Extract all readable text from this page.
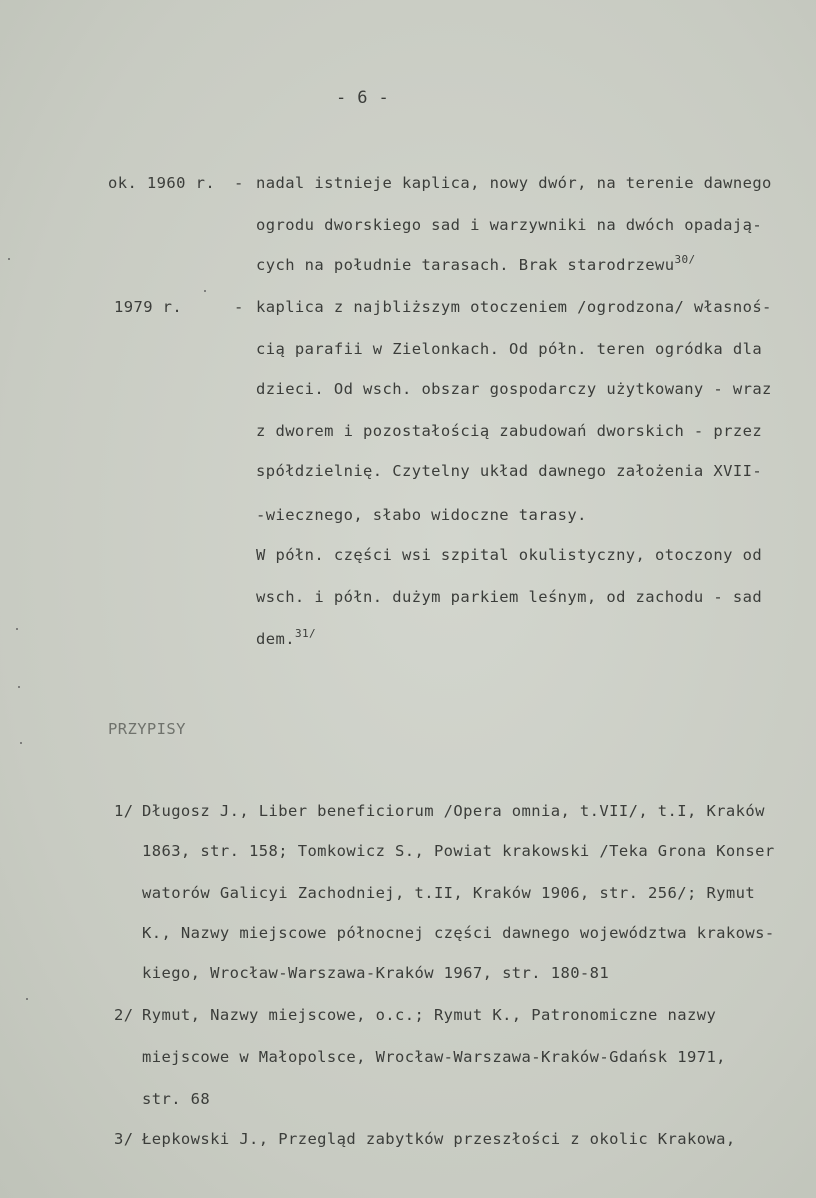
- 6 -
ok. 1960 r. - nadal istnieje kaplica, nowy dwór, na terenie dawnego
ogrodu dworskiego sad i warzywniki na dwóch opadają-
cych na południe tarasach. Brak starodrzewu$^{30/}$
1979 r.	- kaplica z najbliższym otoczeniem /ogrodzona/ własnoś-
cią parafii w Zielonkach. Od półn. teren ogródka dla
dzieci. Od wsch. obszar gospodarczy użytkowany - wraz
z dworem i pozostałością zabudowań dworskich - przez
spółdzielnię. Czytelny układ dawnego założenia XVII-
-wiecznego, słabo widoczne tarasy.
W półn. części wsi szpital okulistyczny, otoczony od
wsch. i półn. dużym parkiem leśnym, od zachodu - sad
dem.$^{31/}$
PRZYPISY
1/ Długosz J., Liber beneficiorum /Opera omnia, t.VII/, t.I, Kraków
1863, str. 158; Tomkowicz S., Powiat krakowski /Teka Grona Konser
watorów Galicyi Zachodniej, t.II, Kraków 1906, str. 256/; Rymut
K., Nazwy miejscowe północnej części dawnego województwa krakows-
kiego, Wrocław-Warszawa-Kraków 1967, str. 180-81
2/ Rymut, Nazwy miejscowe, o.c.; Rymut K., Patronomiczne nazwy
miejscowe w Małopolsce, Wrocław-Warszawa-Kraków-Gdańsk 1971,
str. 68
3/ Łepkowski J., Przegląd zabytków przeszłości z okolic Krakowa,
